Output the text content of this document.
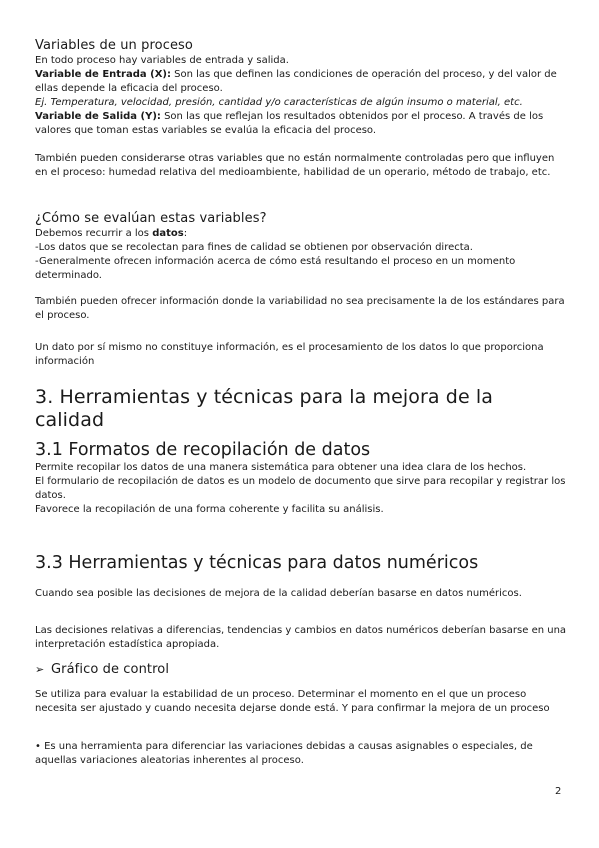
Variables de un proceso

En todo proceso hay variables de entrada y salida.

Variable de Entrada (X): Son las que definen las condiciones de operación del proceso, y del valor de ellas depende la eficacia del proceso.

Ej. Temperatura, velocidad, presión, cantidad y/o características de algún insumo o material, etc.

Variable de Salida (Y): Son las que reflejan los resultados obtenidos por el proceso. A través de los valores que toman estas variables se evalúa la eficacia del proceso.

También pueden considerarse otras variables que no están normalmente controladas pero que influyen en el proceso: humedad relativa del medioambiente, habilidad de un operario, método de trabajo, etc.

¿Cómo se evalúan estas variables?

Debemos recurrir a los datos:

-Los datos que se recolectan para fines de calidad se obtienen por observación directa.

-Generalmente ofrecen información acerca de cómo está resultando el proceso en un momento determinado.

También pueden ofrecer información donde la variabilidad no sea precisamente la de los estándares para el proceso.

Un dato por sí mismo no constituye información, es el procesamiento de los datos lo que proporciona información

3. Herramientas y técnicas para la mejora de la calidad
3.1 Formatos de recopilación de datos

Permite recopilar los datos de una manera sistemática para obtener una idea clara de los hechos.

El formulario de recopilación de datos es un modelo de documento que sirve para recopilar y registrar los datos.

Favorece la recopilación de una forma coherente y facilita su análisis.

3.3 Herramientas y técnicas para datos numéricos

Cuando sea posible las decisiones de mejora de la calidad deberían basarse en datos numéricos.

Las decisiones relativas a diferencias, tendencias y cambios en datos numéricos deberían basarse en una interpretación estadística apropiada.

➢ Gráfico de control

Se utiliza para evaluar la estabilidad de un proceso. Determinar el momento en el que un proceso necesita ser ajustado y cuando necesita dejarse donde está. Y para confirmar la mejora de un proceso

• Es una herramienta para diferenciar las variaciones debidas a causas asignables o especiales, de aquellas variaciones aleatorias inherentes al proceso.

2
